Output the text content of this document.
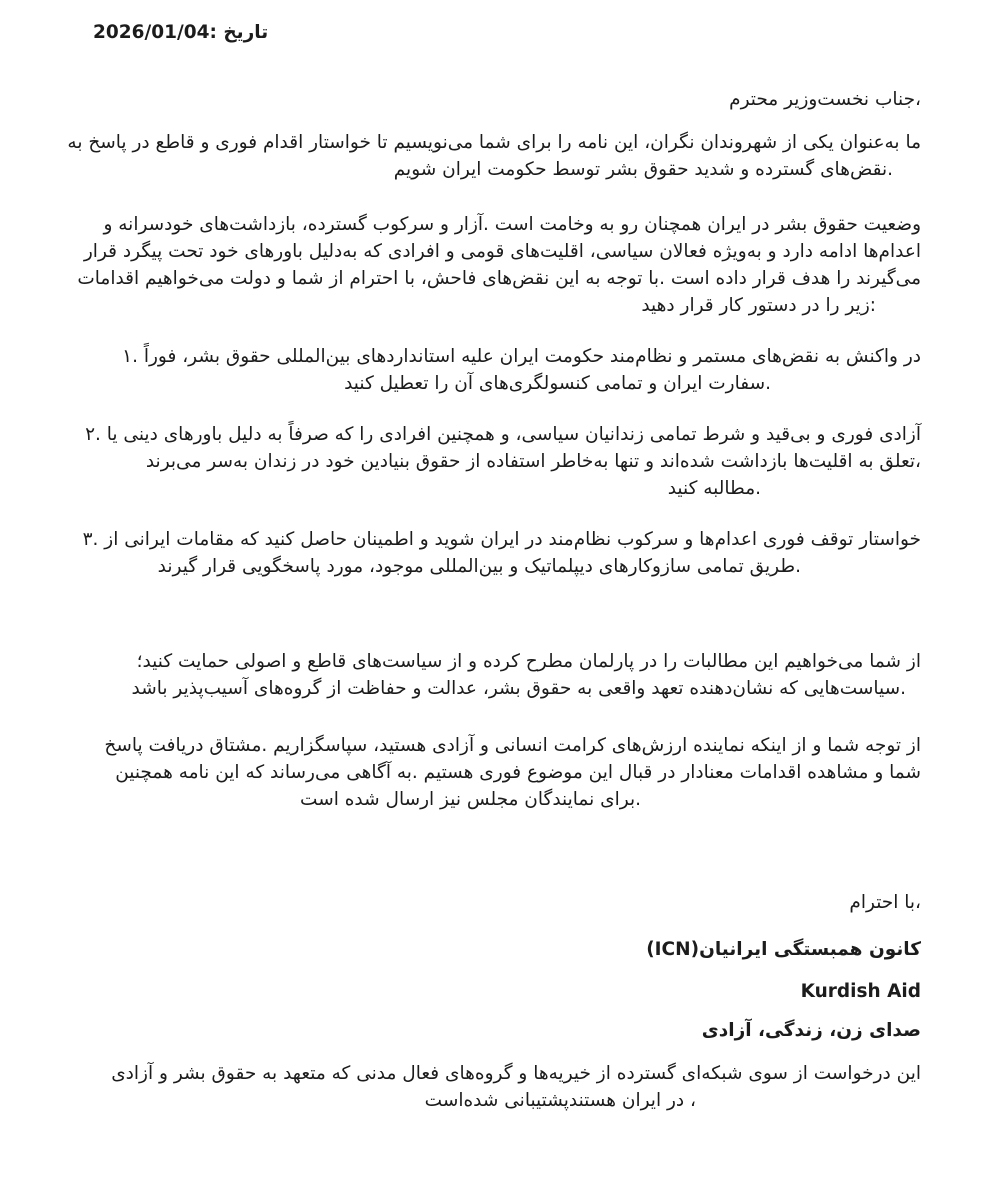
تاریخ :2026/01/04
،جناب نخست‌وزیر محترم
ما به‌عنوان یکی از شهروندان نگران، این نامه را برای شما می‌نویسیم تا خواستار اقدام فوری و قاطع در پاسخ به
.نقض‌های گسترده و شدید حقوق بشر توسط حکومت ایران شویم
وضعیت حقوق بشر در ایران همچنان رو به وخامت است .آزار و سرکوب گسترده، بازداشت‌های خودسرانه و
اعدام‌ها ادامه دارد و به‌ویژه فعالان سیاسی، اقلیت‌های قومی و افرادی که به‌دلیل باورهای خود تحت پیگرد قرار
می‌گیرند را هدف قرار داده است .با توجه به این نقض‌های فاحش، با احترام از شما و دولت می‌خواهیم اقدامات
:زیر را در دستور کار قرار دهید
در واکنش به نقض‌های مستمر و نظام‌مند حکومت ایران علیه استانداردهای بین‌المللی حقوق بشر، فوراً .۱
.سفارت ایران و تمامی کنسولگری‌های آن را تعطیل کنید
آزادی فوری و بی‌قید و شرط تمامی زندانیان سیاسی، و همچنین افرادی را که صرفاً به دلیل باورهای دینی یا .۲
،تعلق به اقلیت‌ها بازداشت شده‌اند و تنها به‌خاطر استفاده از حقوق بنیادین خود در زندان به‌سر می‌برند
.مطالبه کنید
خواستار توقف فوری اعدام‌ها و سرکوب نظام‌مند در ایران شوید و اطمینان حاصل کنید که مقامات ایرانی از .۳
.طریق تمامی سازوکارهای دیپلماتیک و بین‌المللی موجود، مورد پاسخگویی قرار گیرند
از شما می‌خواهیم این مطالبات را در پارلمان مطرح کرده و از سیاست‌های قاطع و اصولی حمایت کنید؛
.سیاست‌هایی که نشان‌دهنده تعهد واقعی به حقوق بشر، عدالت و حفاظت از گروه‌های آسیب‌پذیر باشد
از توجه شما و از اینکه نماینده ارزش‌های کرامت انسانی و آزادی هستید، سپاسگزاریم .مشتاق دریافت پاسخ
شما و مشاهده اقدامات معنادار در قبال این موضوع فوری هستیم .به آگاهی می‌رساند که این نامه همچنین
.برای نمایندگان مجلس نیز ارسال شده است
،با احترام
کانون همبستگی ایرانیان(ICN)
Kurdish Aid
صدای زن، زندگی، آزادی
این درخواست از سوی شبکه‌ای گسترده از خیریه‌ها و گروه‌های فعال مدنی که متعهد به حقوق بشر و آزادی
، در ایران هستندپشتیبانی شده‌است
